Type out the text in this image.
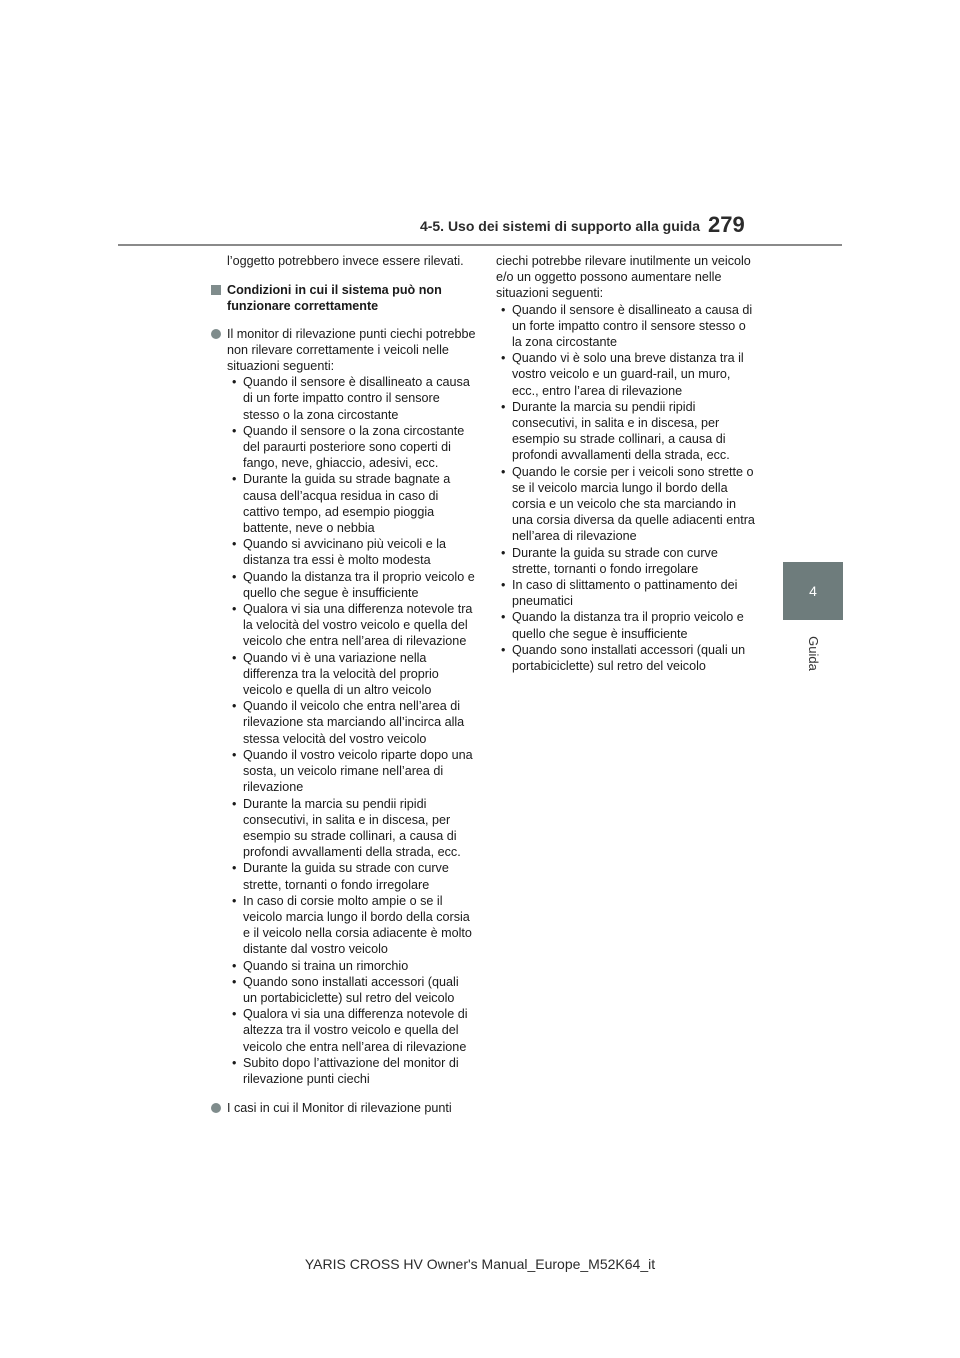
4-5. Uso dei sistemi di supporto alla guida 279
4
Guida

l’oggetto potrebbero invece essere rilevati.

Condizioni in cui il sistema può non funzionare correttamente

Il monitor di rilevazione punti ciechi potrebbe non rilevare correttamente i veicoli nelle situazioni seguenti:

• Quando il sensore è disallineato a causa di un forte impatto contro il sensore stesso o la zona circostante
• Quando il sensore o la zona circostante del paraurti posteriore sono coperti di fango, neve, ghiaccio, adesivi, ecc.
• Durante la guida su strade bagnate a causa dell’acqua residua in caso di cattivo tempo, ad esempio pioggia battente, neve o nebbia
• Quando si avvicinano più veicoli e la distanza tra essi è molto modesta
• Quando la distanza tra il proprio veicolo e quello che segue è insufficiente
• Qualora vi sia una differenza notevole tra la velocità del vostro veicolo e quella del veicolo che entra nell’area di rilevazione
• Quando vi è una variazione nella differenza tra la velocità del proprio veicolo e quella di un altro veicolo
• Quando il veicolo che entra nell’area di rilevazione sta marciando all’incirca alla stessa velocità del vostro veicolo
• Quando il vostro veicolo riparte dopo una sosta, un veicolo rimane nell’area di rilevazione
• Durante la marcia su pendii ripidi consecutivi, in salita e in discesa, per esempio su strade collinari, a causa di profondi avvallamenti della strada, ecc.
• Durante la guida su strade con curve strette, tornanti o fondo irregolare
• In caso di corsie molto ampie o se il veicolo marcia lungo il bordo della corsia e il veicolo nella corsia adiacente è molto distante dal vostro veicolo
• Quando si traina un rimorchio
• Quando sono installati accessori (quali un portabiciclette) sul retro del veicolo
• Qualora vi sia una differenza notevole di altezza tra il vostro veicolo e quella del veicolo che entra nell’area di rilevazione
• Subito dopo l’attivazione del monitor di rilevazione punti ciechi

I casi in cui il Monitor di rilevazione punti

ciechi potrebbe rilevare inutilmente un veicolo e/o un oggetto possono aumentare nelle situazioni seguenti:

• Quando il sensore è disallineato a causa di un forte impatto contro il sensore stesso o la zona circostante
• Quando vi è solo una breve distanza tra il vostro veicolo e un guard-rail, un muro, ecc., entro l’area di rilevazione
• Durante la marcia su pendii ripidi consecutivi, in salita e in discesa, per esempio su strade collinari, a causa di profondi avvallamenti della strada, ecc.
• Quando le corsie per i veicoli sono strette o se il veicolo marcia lungo il bordo della corsia e un veicolo che sta marciando in una corsia diversa da quelle adiacenti entra nell’area di rilevazione
• Durante la guida su strade con curve strette, tornanti o fondo irregolare
• In caso di slittamento o pattinamento dei pneumatici
• Quando la distanza tra il proprio veicolo e quello che segue è insufficiente
• Quando sono installati accessori (quali un portabiciclette) sul retro del veicolo
YARIS CROSS HV Owner's Manual_Europe_M52K64_it
